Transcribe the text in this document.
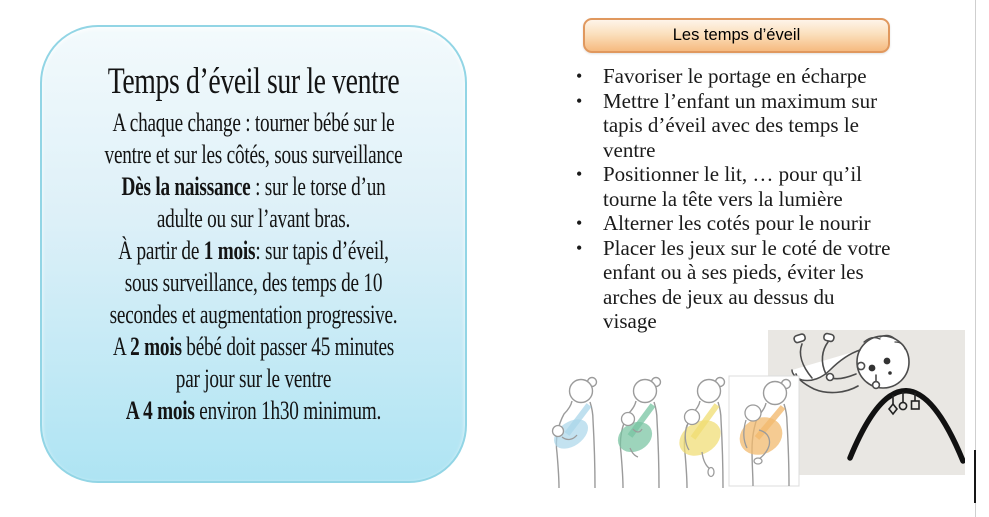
Temps d’éveil sur le ventre
A chaque change : tourner bébé sur le
ventre et sur les côtés, sous surveillance
Dès la naissance : sur le torse d’un
adulte ou sur l’avant bras.
À partir de 1 mois: sur tapis d’éveil,
sous surveillance, des temps de 10
secondes et augmentation progressive.
A 2 mois bébé doit passer 45 minutes
par jour sur le ventre
A 4 mois environ 1h30 minimum.
Les temps d’éveil
• Favoriser le portage en écharpe
• Mettre l’enfant un maximum sur
tapis d’éveil avec des temps le
ventre
• Positionner le lit, … pour qu’il
tourne la tête vers la lumière
• Alterner les cotés pour le nourir
• Placer les jeux sur le coté de votre
enfant ou à ses pieds, éviter les
arches de jeux au dessus du
visage
